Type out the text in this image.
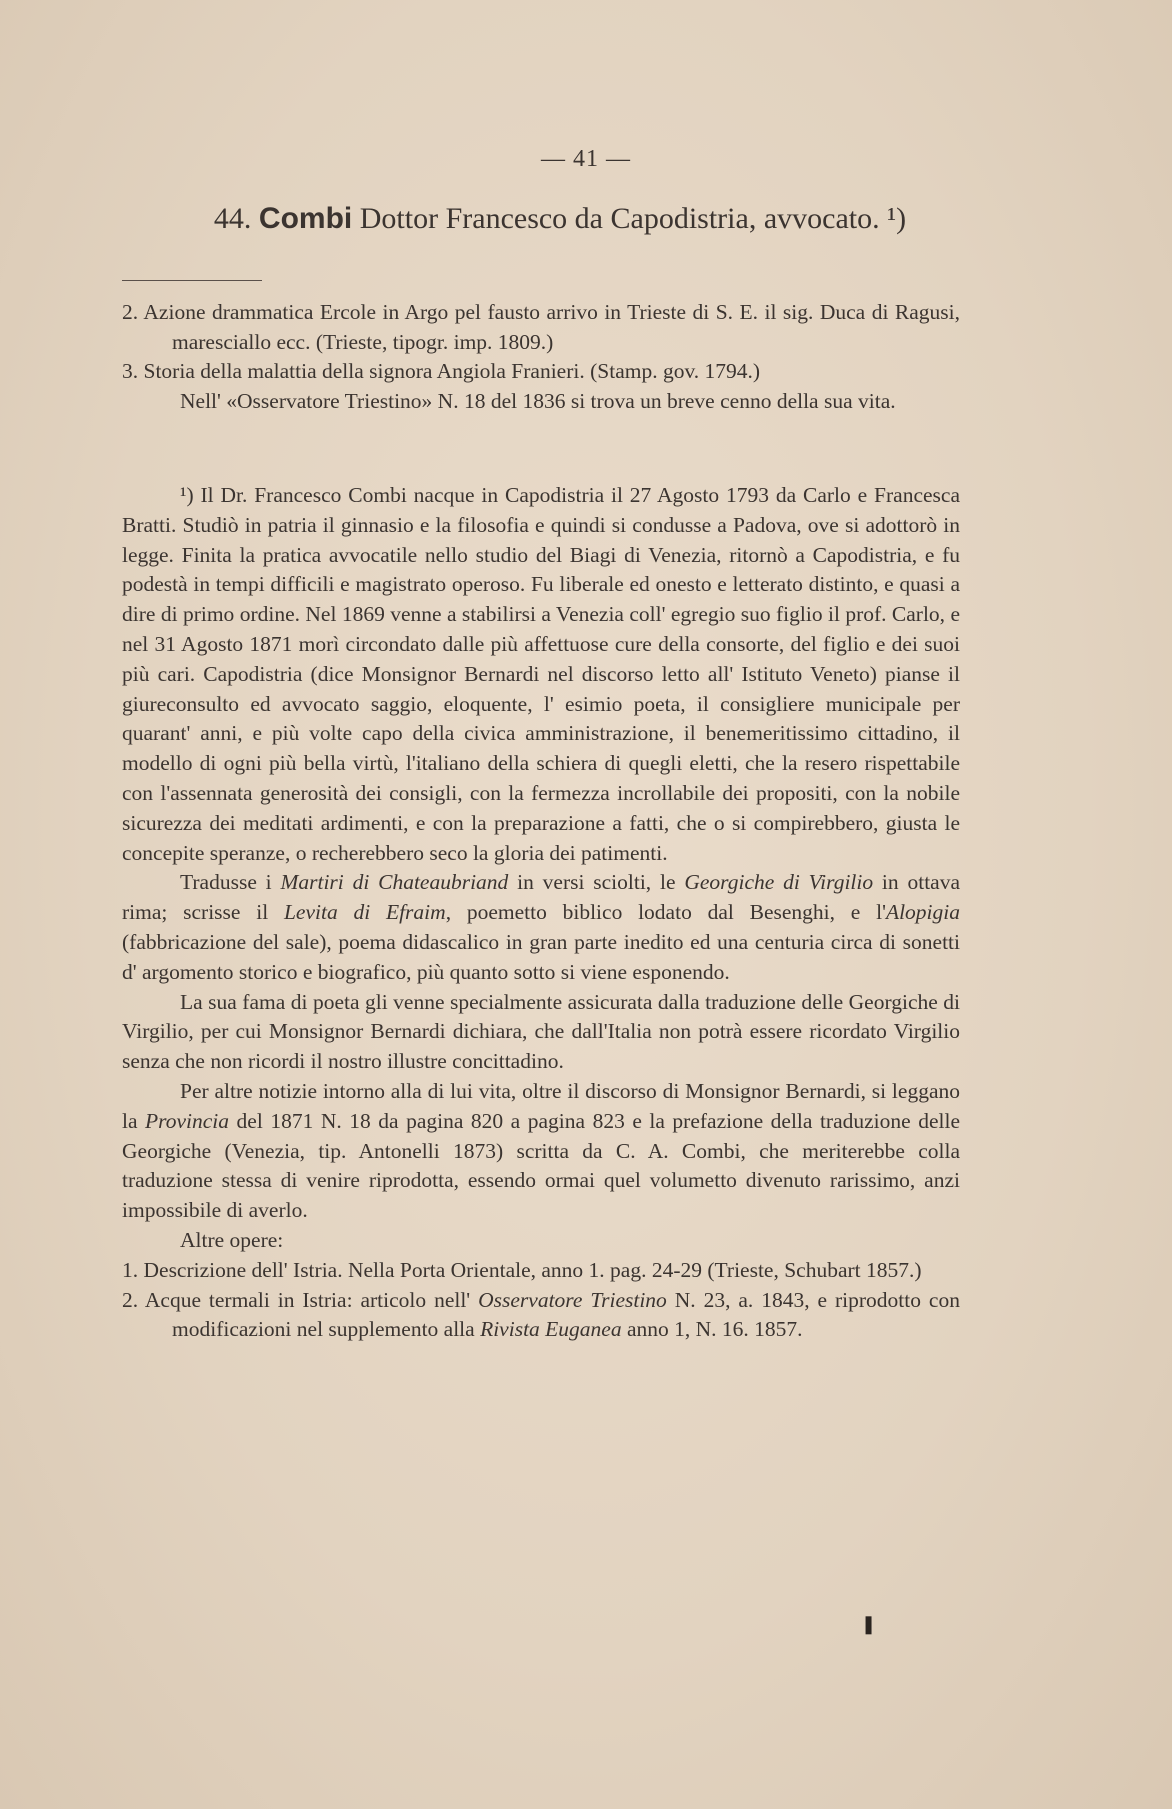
— 41 —
44. Combi Dottor Francesco da Capodistria, avvocato. ¹)

2. Azione drammatica Ercole in Argo pel fausto arrivo in Trieste di S. E. il sig. Duca di Ragusi, maresciallo ecc. (Trieste, tipogr. imp. 1809.)

3. Storia della malattia della signora Angiola Franieri. (Stamp. gov. 1794.)

Nell' «Osservatore Triestino» N. 18 del 1836 si trova un breve cenno della sua vita.

¹) Il Dr. Francesco Combi nacque in Capodistria il 27 Agosto 1793 da Carlo e Francesca Bratti. Studiò in patria il ginnasio e la filosofia e quindi si condusse a Padova, ove si adottorò in legge. Finita la pratica avvocatile nello studio del Biagi di Venezia, ritornò a Capodistria, e fu podestà in tempi difficili e magistrato operoso. Fu liberale ed onesto e letterato distinto, e quasi a dire di primo ordine. Nel 1869 venne a stabilirsi a Venezia coll' egregio suo figlio il prof. Carlo, e nel 31 Agosto 1871 morì circondato dalle più affettuose cure della consorte, del figlio e dei suoi più cari. Capodistria (dice Monsignor Bernardi nel discorso letto all' Istituto Veneto) pianse il giureconsulto ed avvocato saggio, eloquente, l' esimio poeta, il consigliere municipale per quarant' anni, e più volte capo della civica amministrazione, il benemeritissimo cittadino, il modello di ogni più bella virtù, l'italiano della schiera di quegli eletti, che la resero rispettabile con l'assennata generosità dei consigli, con la fermezza incrollabile dei propositi, con la nobile sicurezza dei meditati ardimenti, e con la preparazione a fatti, che o si compirebbero, giusta le concepite speranze, o recherebbero seco la gloria dei patimenti.

Tradusse i Martiri di Chateaubriand in versi sciolti, le Georgiche di Virgilio in ottava rima; scrisse il Levita di Efraim, poemetto biblico lodato dal Besenghi, e l'Alopigia (fabbricazione del sale), poema didascalico in gran parte inedito ed una centuria circa di sonetti d' argomento storico e biografico, più quanto sotto si viene esponendo.

La sua fama di poeta gli venne specialmente assicurata dalla traduzione delle Georgiche di Virgilio, per cui Monsignor Bernardi dichiara, che dall'Italia non potrà essere ricordato Virgilio senza che non ricordi il nostro illustre concittadino.

Per altre notizie intorno alla di lui vita, oltre il discorso di Monsignor Bernardi, si leggano la Provincia del 1871 N. 18 da pagina 820 a pagina 823 e la prefazione della traduzione delle Georgiche (Venezia, tip. Antonelli 1873) scritta da C. A. Combi, che meriterebbe colla traduzione stessa di venire riprodotta, essendo ormai quel volumetto divenuto rarissimo, anzi impossibile di averlo.

Altre opere:

1. Descrizione dell' Istria. Nella Porta Orientale, anno 1. pag. 24-29 (Trieste, Schubart 1857.)

2. Acque termali in Istria: articolo nell' Osservatore Triestino N. 23, a. 1843, e riprodotto con modificazioni nel supplemento alla Rivista Euganea anno 1, N. 16. 1857.

❚
